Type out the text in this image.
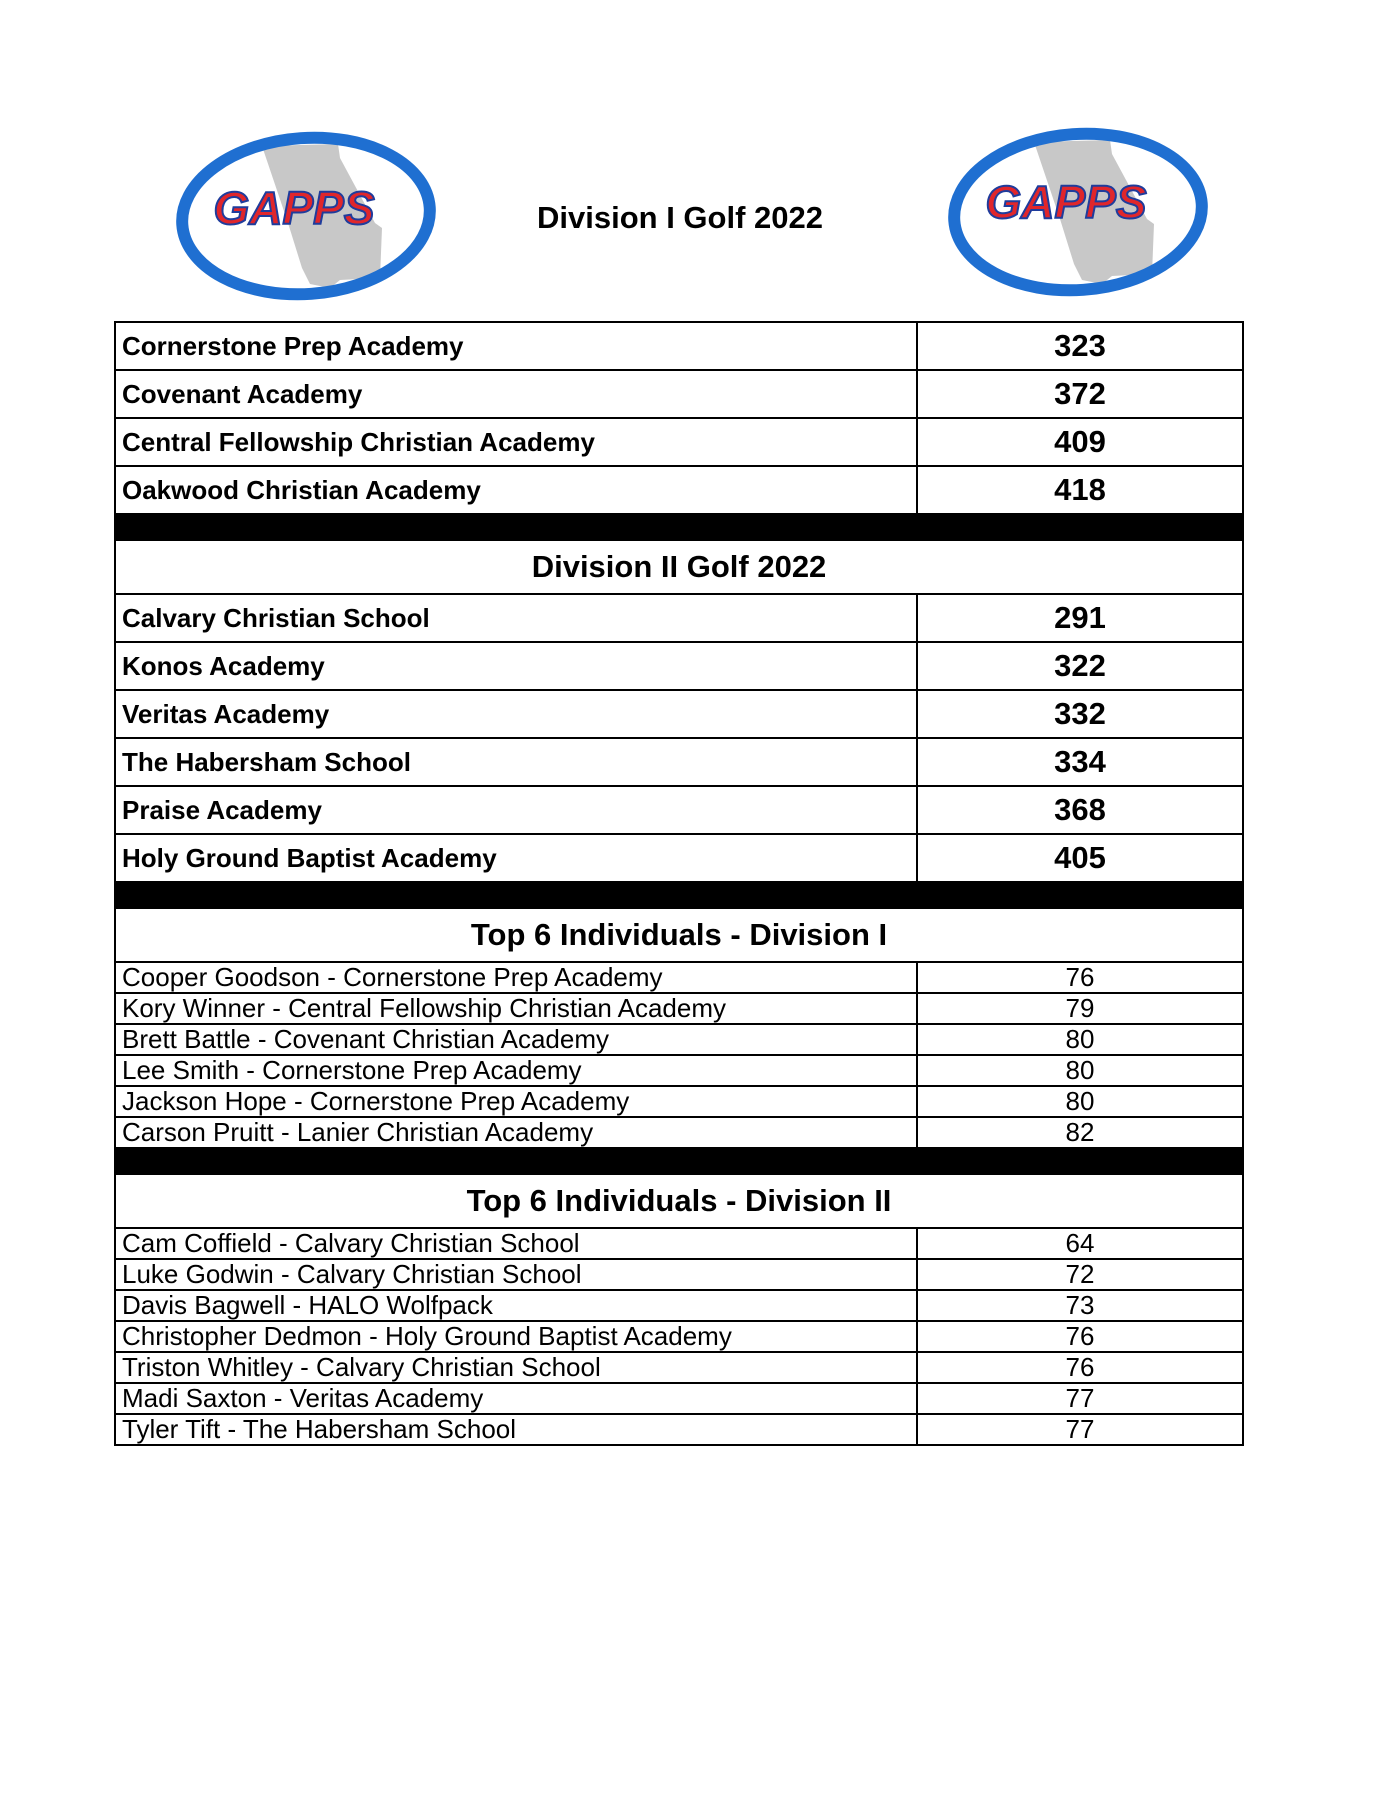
GAPPS	Division I Golf 2022	GAPPS
Cornerstone Prep Academy	323
Covenant Academy	372
Central Fellowship Christian Academy	409
Oakwood Christian Academy	418

Division II Golf 2022	
Calvary Christian School	291
Konos Academy	322
Veritas Academy	332
The Habersham School	334
Praise Academy	368
Holy Ground Baptist Academy	405

Top 6 Individuals - Division I	
Cooper Goodson - Cornerstone Prep Academy	76
Kory Winner - Central Fellowship Christian Academy	79
Brett Battle - Covenant Christian Academy	80
Lee Smith - Cornerstone Prep Academy	80
Jackson Hope - Cornerstone Prep Academy	80
Carson Pruitt - Lanier Christian Academy	82

Top 6 Individuals - Division II	
Cam Coffield - Calvary Christian School	64
Luke Godwin - Calvary Christian School	72
Davis Bagwell - HALO Wolfpack	73
Christopher Dedmon - Holy Ground Baptist Academy	76
Triston Whitley - Calvary Christian School	76
Madi Saxton - Veritas Academy	77
Tyler Tift - The Habersham School	77
